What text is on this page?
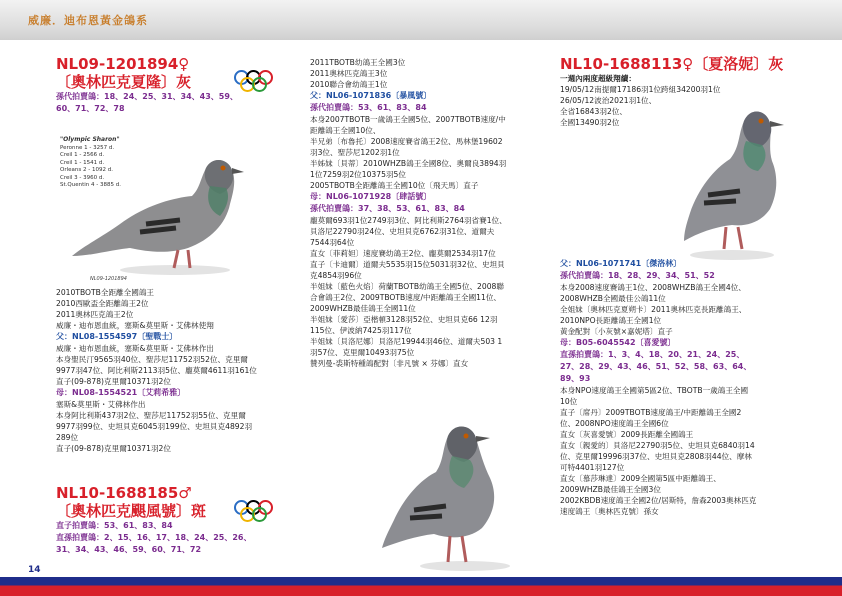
威廉．迪布恩黃金鴿系

NL09-1201894♀

〔奧林匹克夏隆〕灰

孫代拍賣鴿：18、24、25、31、34、43、59、

60、71、72、78

"Olympic Sharon"

Peronne 1 - 3257 d.

Creil 1 - 2566 d.

Creil 1 - 1541 d.

Orleans 2 - 1092 d.

Creil 3 - 3960 d.

St.Quentin 4 - 3885 d.

NL09-1201894

2010TBOTB全距離全國鴿王

2010西歐盃全距離鴿王2位

2011奧林匹克鴿王2位

威廉・迪布恩血統，塞斯&莫里斯・艾佛林使翔

父：NL08-1554597〔聖戰士〕

威廉・迪布恩血統，塞斯&莫里斯・艾佛林作出

本身聖民汀9565羽40位、聖莎尼11752羽52位、克里爾

9977羽47位、阿比利斯2113羽5位、龐莫爾4611羽161位

直子(09-878)克里爾10371羽2位

母：NL08-1554521〔艾莉希雅〕

塞斯&莫里斯・艾佛林作出

本身阿比利斯437羽2位、聖莎尼11752羽55位、克里爾

9977羽99位、史坦貝克6045羽199位、史坦貝克4892羽

289位

直子(09-878)克里爾10371羽2位

NL10-1688185♂

〔奧林匹克颶風號〕斑

直子拍賣鴿：53、61、83、84

直孫拍賣鴿：2、15、16、17、18、24、25、26、

31、34、43、46、59、60、71、72

2011TBOTB幼鴿王全國3位

2011奧林匹克鴿王3位

2010聯合會幼鴿王1位

父：NL06-1071836〔暴風號〕

孫代拍賣鴿：53、61、83、84

本身2007TBOTB一歲鴿王全國5位、2007TBOTB速度/中

距離鴿王全國10位、

半兄弟〔布魯托〕2008速度賽省鴿王2位、馬林堡19602

羽3位、聖莎尼1202羽1位

半姊妹〔貝蒂〕2010WHZB鴿王全國8位、奧爾良3894羽

1位7259羽2位10375羽5位

2005TBOTB全距離鴿王全國10位〔飛天馬〕直子

母：NL06-1071928〔肆話號〕

孫代拍賣鴿：37、38、53、61、83、84

龐莫爾693羽1位2749羽3位、阿比利斯2764羽省賽1位、

貝洛尼22790羽24位、史坦貝克6762羽31位、道爾夫

7544羽64位

直女〔菲莉妲〕速度賽幼鴿王2位、龐莫爾2534羽17位

直子〔卡迪爾〕道爾夫5535羽15位5031羽32位、史坦貝

克4854羽96位

半姐妹〔藍色火焰〕荷蘭TBOTB幼鴿王全國5位、2008聯

合會鴿王2位、2009TBOTB速度/中距離鴿王全國11位、

2009WHZB最佳鴿王全國11位

半姐妹〔愛莎〕亞楷頓3128羽52位、史坦貝克66 12羽

115位、伊波納7425羽117位

半姐妹〔貝洛尼娜〕貝洛尼19944羽46位、道爾夫503 1

羽57位、克里爾10493羽75位

贊列曼-裘斯特種鴿配對〔非凡號 × 芬娜〕直女

NL10-1688113♀〔夏洛妮〕灰

一週內兩度超級翔續：

19/05/12南提爾17186羽1位跨組34200羽1位

26/05/12波治2021羽1位、

全省16843羽2位、

全國13490羽2位

父：NL06-1071741〔傑洛林〕

孫代拍賣鴿：18、28、29、34、51、52

本身2008速度賽鴿王1位、2008WHZB鴿王全國4位、

2008WHZB全國最佳公鴿11位

全姐妹〔奧林匹克夏朔卡〕2011奧林匹克長距離鴿王、

2010NPO長距離鴿王全國1位

黃金配對〔小灰號×嘉妮塔〕直子

母：B05-6045542〔喜愛號〕

直孫拍賣鴿：1、3、4、18、20、21、24、25、

27、28、29、43、46、51、52、58、63、64、

89、93

本身NPO速度鴿王全國第5區2位、TBOTB一歲鴿王全國

10位

直子〔席丹〕2009TBOTB速度鴿王/中距離鴿王全國2

位、2008NPO速度鴿王全國6位

直女〔灰喜愛號〕2009長距離全國鴿王

直女〔親愛的〕貝洛尼22790羽5位、史坦貝克6840羽14

位、克里爾19996羽37位、史坦貝克2808羽44位、摩林

可特4401羽127位

直女〔慕莎琳達〕2009全國第5區中距離鴿王、

2009WHZB最佳鴿王全國3位

2002KBDB速度鴿王全國2位/居斯特，詹森2003奧林匹克

速度鴿王〔奧林匹克號〕孫女

14
